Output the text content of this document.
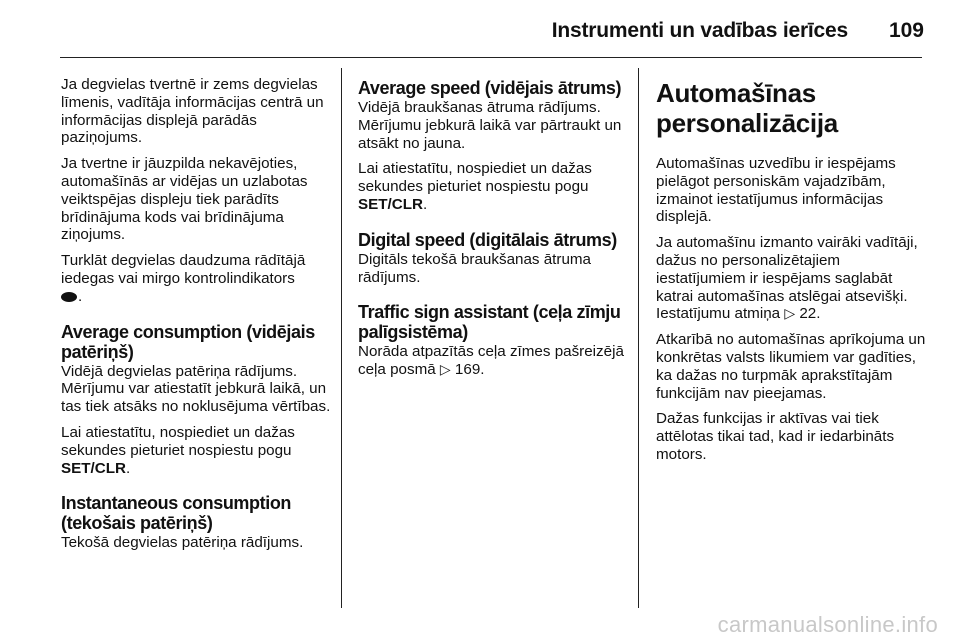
Instrumenti un vadības ierīces 109

Ja degvielas tvertnē ir zems degvielas līmenis, vadītāja informācijas centrā un informācijas displejā parādās paziņojums.

Ja tvertne ir jāuzpilda nekavējoties, automašīnās ar vidējas un uzlabotas veiktspējas displeju tiek parādīts brīdinājuma kods vai brīdinājuma ziņojums.

Turklāt degvielas daudzuma rādītājā iedegas vai mirgo kontrolindikators
.

Average consumption (vidējais patēriņš)

Vidējā degvielas patēriņa rādījums. Mērījumu var atiestatīt jebkurā laikā, un tas tiek atsāks no noklusējuma vērtības.

Lai atiestatītu, nospiediet un dažas sekundes pieturiet nospiestu pogu SET/CLR.

Instantaneous consumption (tekošais patēriņš)

Tekošā degvielas patēriņa rādījums.

Average speed (vidējais ātrums)

Vidējā braukšanas ātruma rādījums. Mērījumu jebkurā laikā var pārtraukt un atsākt no jauna.

Lai atiestatītu, nospiediet un dažas sekundes pieturiet nospiestu pogu
SET/CLR.

Digital speed (digitālais ātrums)

Digitāls tekošā braukšanas ātruma rādījums.

Traffic sign assistant (ceļa zīmju palīgsistēma)

Norāda atpazītās ceļa zīmes pašreizējā ceļa posmā ▷ 169.

Automašīnas personalizācija

Automašīnas uzvedību ir iespējams pielāgot personiskām vajadzībām, izmainot iestatījumus informācijas displejā.

Ja automašīnu izmanto vairāki vadītāji, dažus no personalizētajiem iestatījumiem ir iespējams saglabāt katrai automašīnas atslēgai atsevišķi. Iestatījumu atmiņa ▷ 22.

Atkarībā no automašīnas aprīkojuma un konkrētas valsts likumiem var gadīties, ka dažas no turpmāk aprakstītajām funkcijām nav pieejamas.

Dažas funkcijas ir aktīvas vai tiek attēlotas tikai tad, kad ir iedarbināts motors.

carmanualsonline.info
